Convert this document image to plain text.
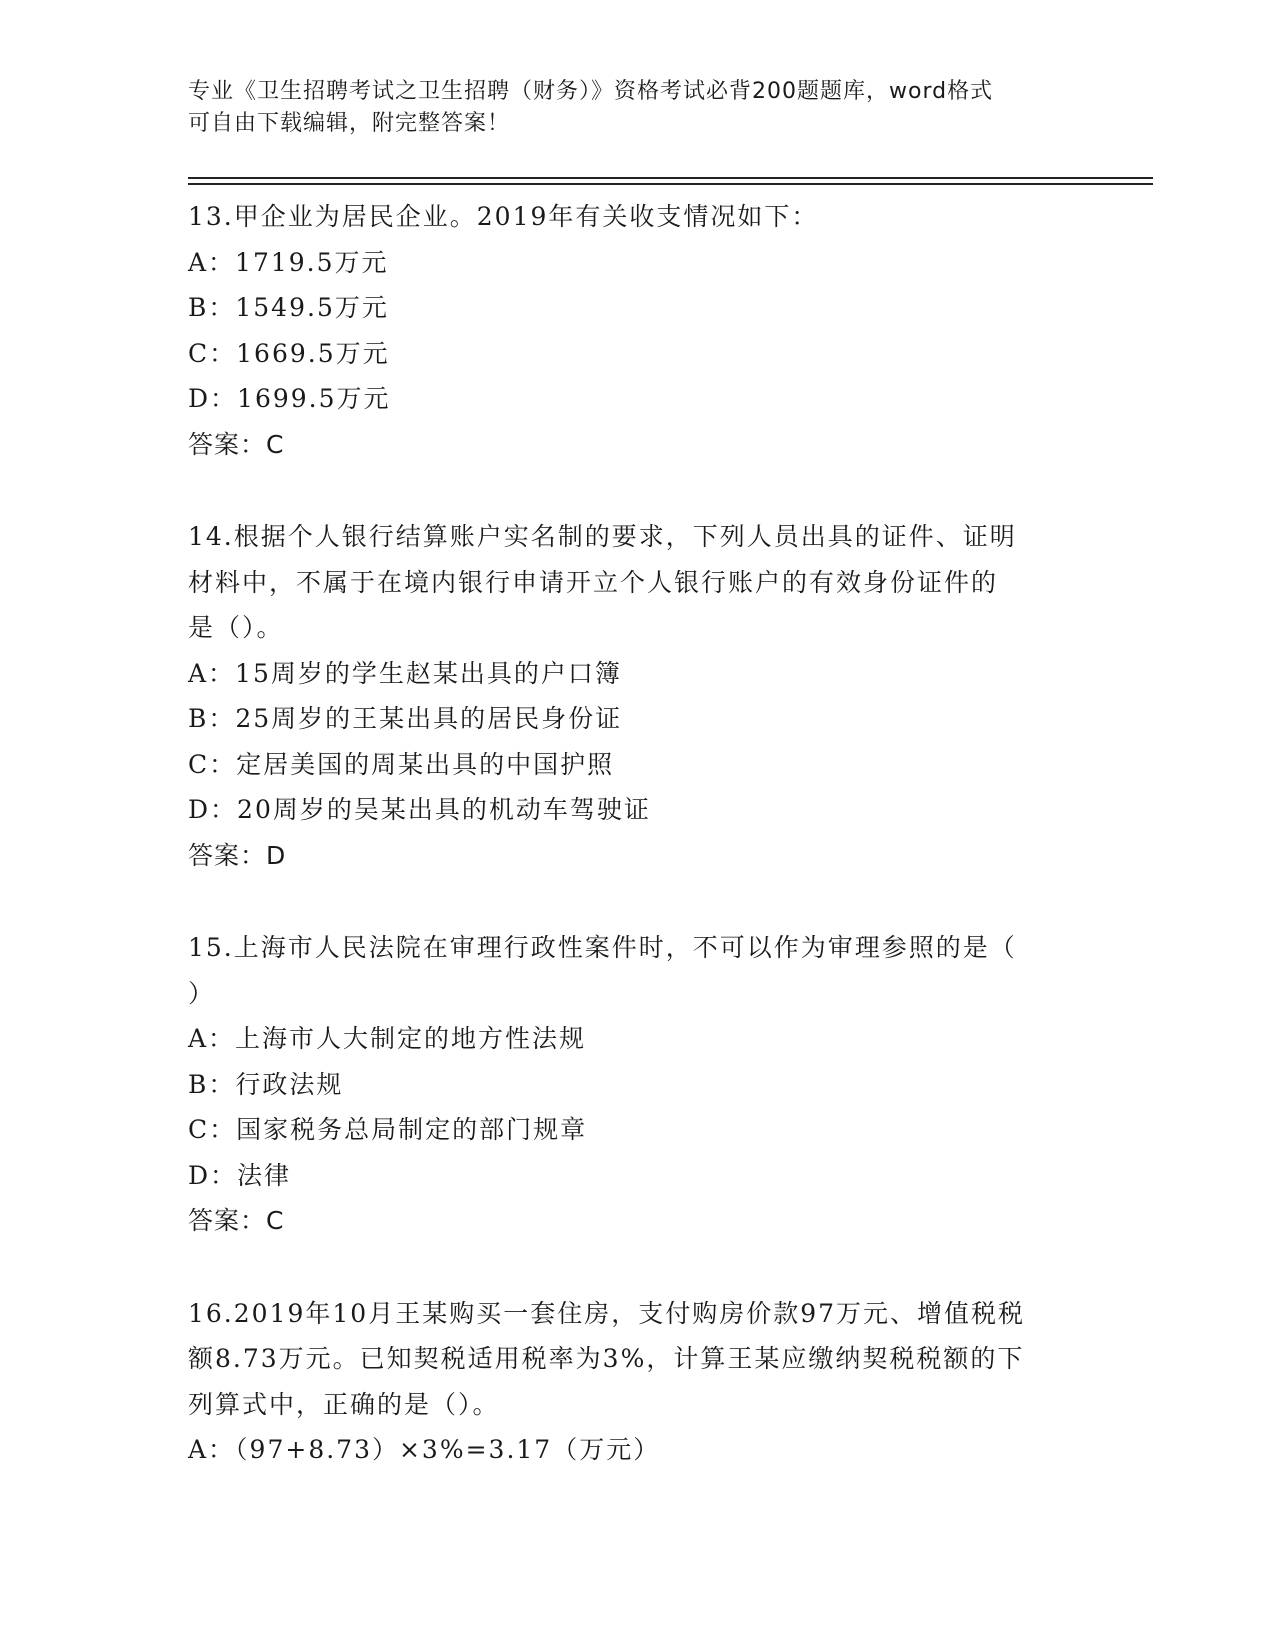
专业《卫生招聘考试之卫生招聘（财务）》资格考试必背200题题库，word格式
可自由下载编辑，附完整答案！
13.甲企业为居民企业。2019年有关收支情况如下：
A：1719.5万元
B：1549.5万元
C：1669.5万元
D：1699.5万元
答案：C
14.根据个人银行结算账户实名制的要求，下列人员出具的证件、证明
材料中，不属于在境内银行申请开立个人银行账户的有效身份证件的
是（）。
A：15周岁的学生赵某出具的户口簿
B：25周岁的王某出具的居民身份证
C：定居美国的周某出具的中国护照
D：20周岁的吴某出具的机动车驾驶证
答案：D
15.上海市人民法院在审理行政性案件时，不可以作为审理参照的是（
）
A：上海市人大制定的地方性法规
B：行政法规
C：国家税务总局制定的部门规章
D：法律
答案：C
16.2019年10月王某购买一套住房，支付购房价款97万元、增值税税
额8.73万元。已知契税适用税率为3%，计算王某应缴纳契税税额的下
列算式中，正确的是（）。
A：（97+8.73）×3%=3.17（万元）
